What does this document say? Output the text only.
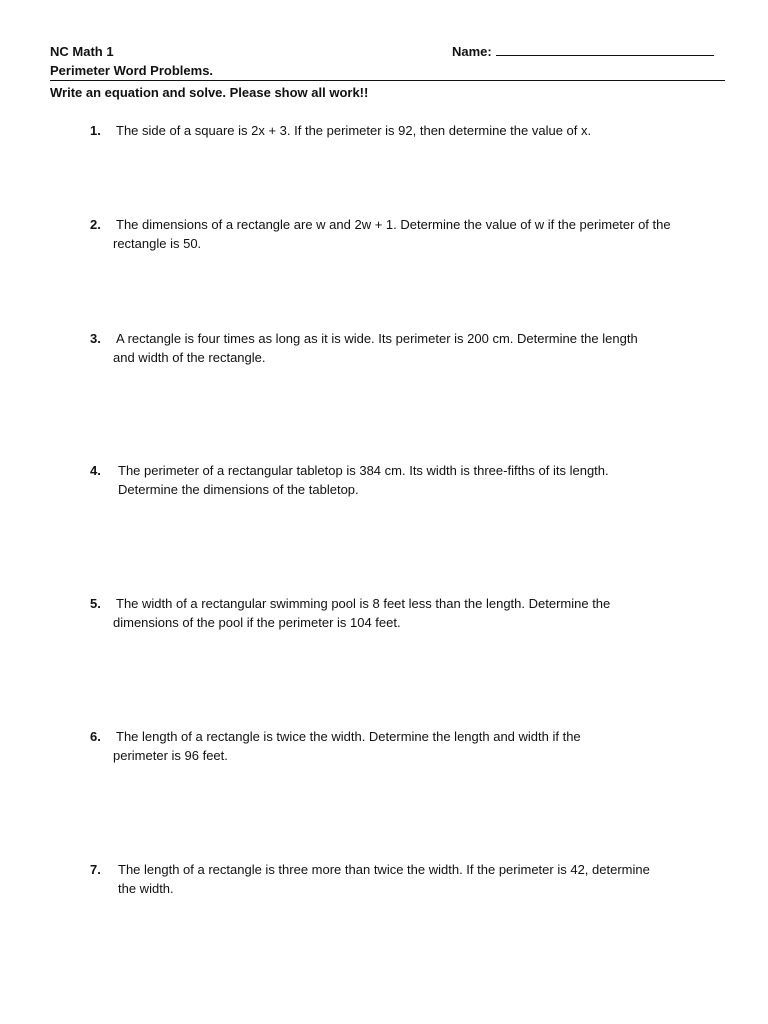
NC Math 1
Perimeter Word Problems.
Name:
Write an equation and solve. Please show all work!!
1.	The side of a square is 2x + 3. If the perimeter is 92, then determine the value of x.
2.	The dimensions of a rectangle are w and 2w + 1. Determine the value of w if the perimeter of the rectangle is 50.
3.	A rectangle is four times as long as it is wide. Its perimeter is 200 cm. Determine the length and width of the rectangle.
4.	The perimeter of a rectangular tabletop is 384 cm. Its width is three-fifths of its length. Determine the dimensions of the tabletop.
5.	The width of a rectangular swimming pool is 8 feet less than the length. Determine the dimensions of the pool if the perimeter is 104 feet.
6.	The length of a rectangle is twice the width. Determine the length and width if the perimeter is 96 feet.
7.	The length of a rectangle is three more than twice the width. If the perimeter is 42, determine the width.
